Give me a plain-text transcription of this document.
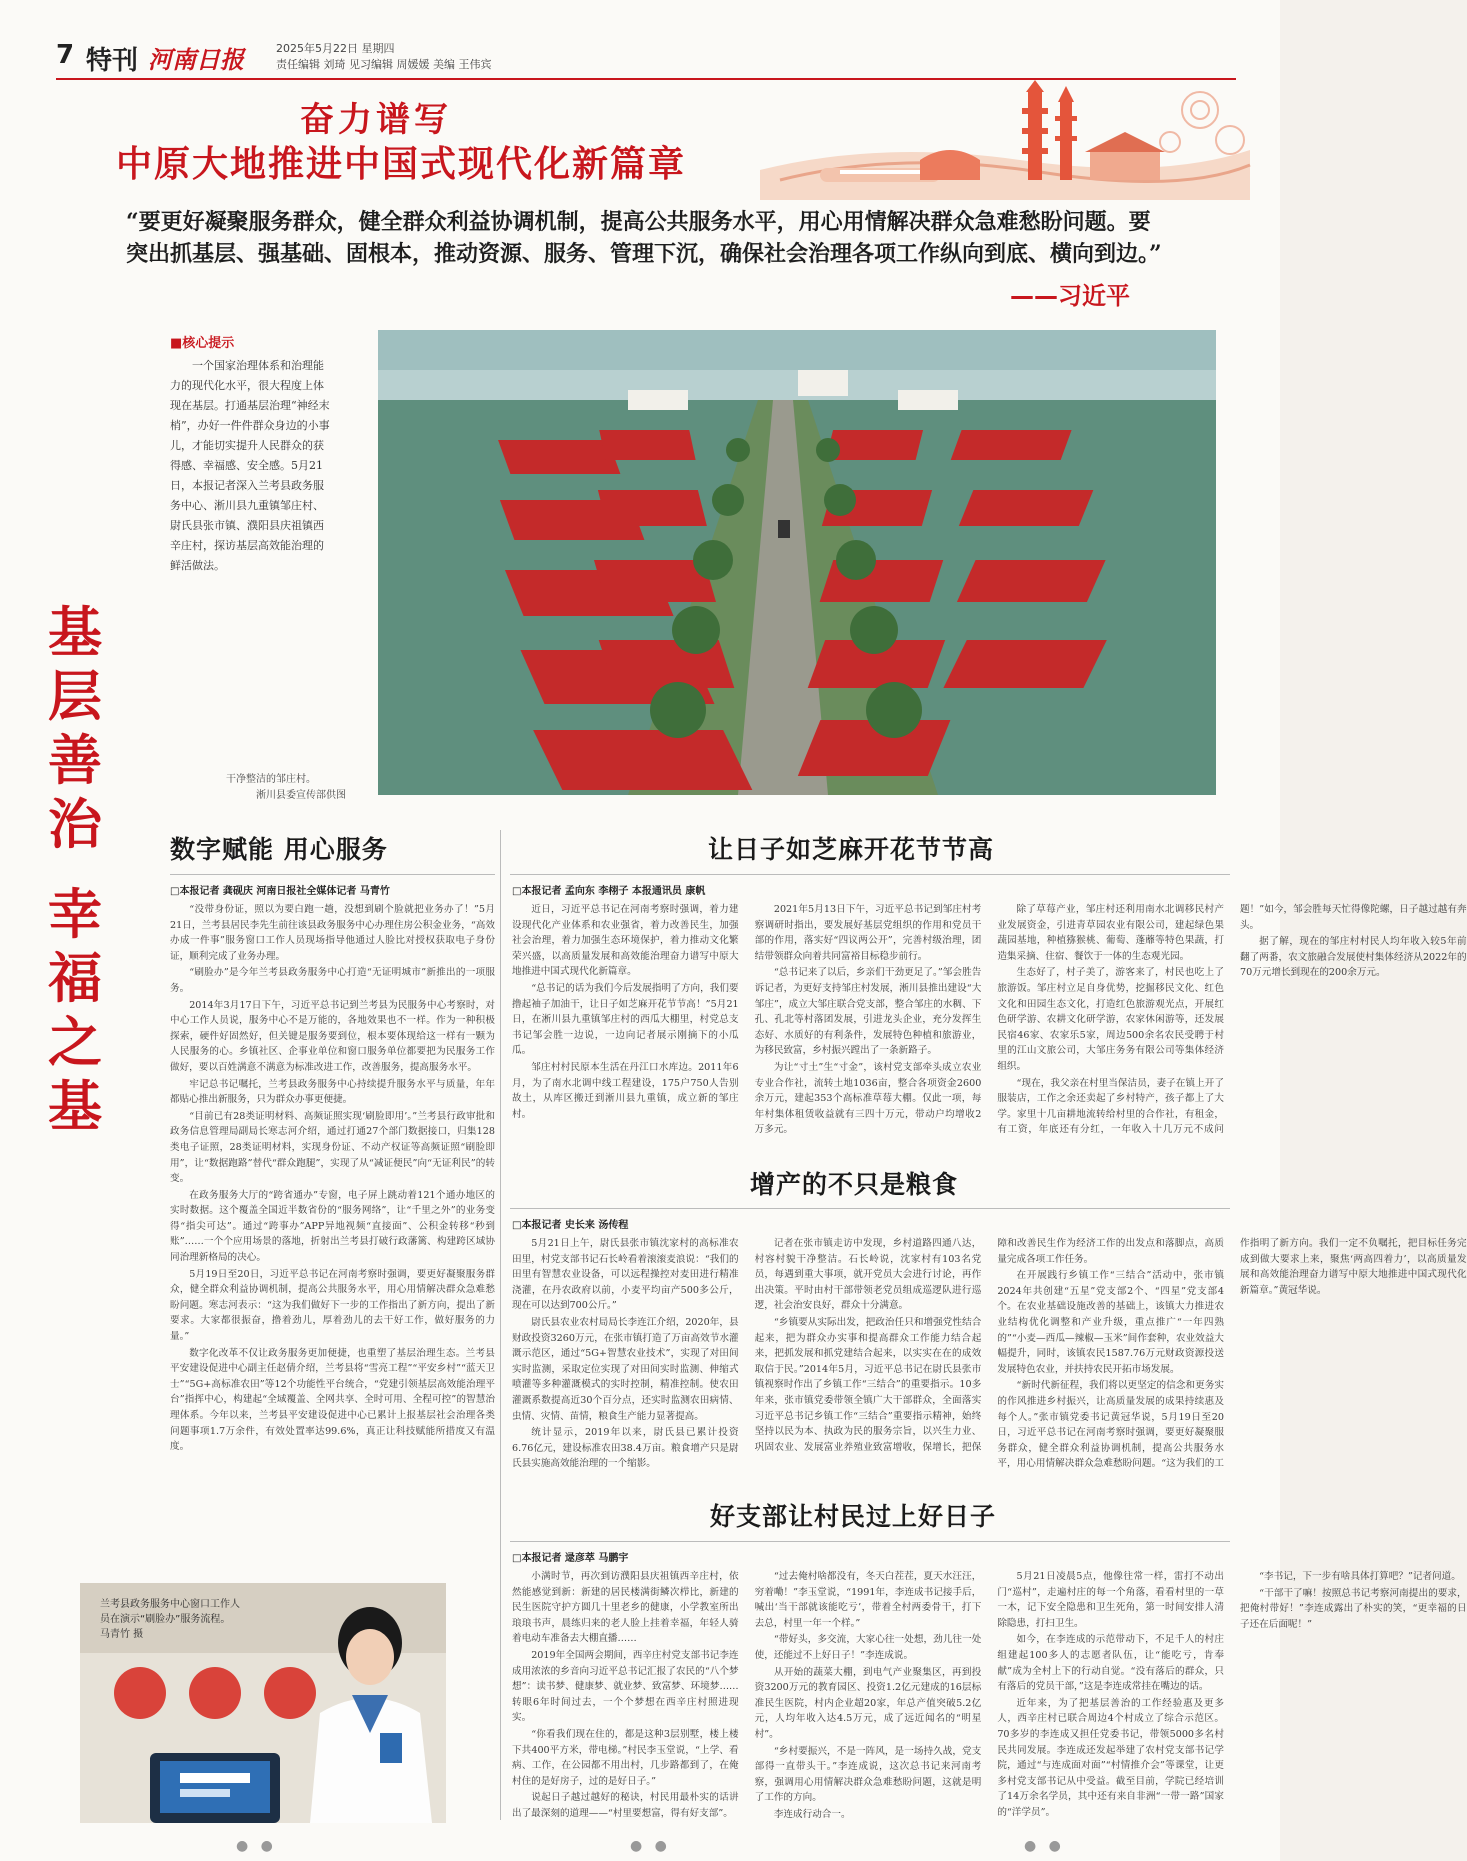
7 特刊 河南日报	2025年5月22日 星期四
责任编辑 刘琦 见习编辑 周媛媛 美编 王伟宾
奋力谱写
中原大地推进中国式现代化新篇章
“要更好凝聚服务群众，健全群众利益协调机制，提高公共服务水平，用心用情解决群众急难愁盼问题。要突出抓基层、强基础、固根本，推动资源、服务、管理下沉，确保社会治理各项工作纵向到底、横向到边。”
——习近平
基
层
善
治
幸
福
之
基
■核心提示
一个国家治理体系和治理能力的现代化水平，很大程度上体现在基层。打通基层治理“神经末梢”，办好一件件群众身边的小事儿，才能切实提升人民群众的获得感、幸福感、安全感。5月21日，本报记者深入兰考县政务服务中心、淅川县九重镇邹庄村、尉氏县张市镇、濮阳县庆祖镇西辛庄村，探访基层高效能治理的鲜活做法。
干净整洁的邹庄村。
淅川县委宣传部供图
数字赋能 用心服务
□本报记者 龚砚庆 河南日报社全媒体记者 马青竹

“没带身份证，照以为要白跑一趟，没想到刷个脸就把业务办了！”5月21日，兰考县居民李先生前往该县政务服务中心办理住房公积金业务，“高效办成一件事”服务窗口工作人员现场指导他通过人脸比对授权获取电子身份证，顺利完成了业务办理。

“刷脸办”是今年兰考县政务服务中心打造“无证明城市”新推出的一项服务。

2014年3月17日下午，习近平总书记到兰考县为民服务中心考察时，对中心工作人员说，服务中心不是万能的，各地效果也不一样。作为一种积极探索，硬件好固然好，但关键是服务要到位，根本要体现给这一样有一颗为人民服务的心。乡镇社区、企事业单位和窗口服务单位都要把为民服务工作做好，要以百姓满意不满意为标准改进工作，改善服务，提高服务水平。

牢记总书记嘱托，兰考县政务服务中心持续提升服务水平与质量，年年都贴心推出新服务，只为群众办事更便捷。

“目前已有28类证明材料、高频证照实现‘刷脸即用’。”兰考县行政审批和政务信息管理局副局长寒志河介绍，通过打通27个部门数据接口，归集128类电子证照，28类证明材料，实现身份证、不动产权证等高频证照“刷脸即用”，让“数据跑路”替代“群众跑腿”，实现了从“减证便民”向“无证利民”的转变。

在政务服务大厅的“跨省通办”专窗，电子屏上跳动着121个通办地区的实时数据。这个覆盖全国近半数省份的“服务网络”，让“千里之外”的业务变得“指尖可达”。通过“跨事办”APP异地视频“直接面”、公积金转移“秒到账”……一个个应用场景的落地，折射出兰考县打破行政藩篱、构建跨区域协同治理新格局的决心。

5月19日至20日，习近平总书记在河南考察时强调，要更好凝聚服务群众，健全群众利益协调机制，提高公共服务水平，用心用情解决群众急难愁盼问题。寒志河表示：“这为我们做好下一步的工作指出了新方向，提出了新要求。大家都很振奋，撸着劲儿，厚着劲儿的去干好工作，做好服务的力量。”

数字化改革不仅让政务服务更加便捷，也重塑了基层治理生态。兰考县平安建设促进中心副主任赵倩介绍，兰考县将“雪亮工程”“平安乡村”“蓝天卫士”“5G+高标准农田”等12个功能性平台统合，“党建引领基层高效能治理平台”指挥中心，构建起“全域覆盖、全网共享、全时可用、全程可控”的智慧治理体系。今年以来，兰考县平安建设促进中心已累计上报基层社会治理各类问题事项1.7万余件，有效处置率达99.6%，真正让科技赋能所措度又有温度。

让日子如芝麻开花节节高
□本报记者 孟向东 李栩子 本报通讯员 康帆

近日，习近平总书记在河南考察时强调，着力建设现代化产业体系和农业强省，着力改善民生，加强社会治理，着力加强生态环境保护，着力推动文化繁荣兴盛，以高质量发展和高效能治理奋力谱写中原大地推进中国式现代化新篇章。

“总书记的话为我们今后发展指明了方向，我们要撸起袖子加油干，让日子如芝麻开花节节高！”5月21日，在淅川县九重镇邹庄村的西瓜大棚里，村党总支书记邹会胜一边说，一边向记者展示刚摘下的小瓜瓜。

邹庄村村民原本生活在丹江口水库边。2011年6月，为了南水北调中线工程建设，175户750人告别故土，从库区搬迁到淅川县九重镇，成立新的邹庄村。

2021年5月13日下午，习近平总书记到邹庄村考察调研时指出，要发展好基层党组织的作用和党员干部的作用，落实好“四议两公开”，完善村级治理，团结带领群众向着共同富裕目标稳步前行。

“总书记来了以后，乡亲们干劲更足了。”邹会胜告诉记者，为更好支持邹庄村发展，淅川县推出建设“大邹庄”，成立大邹庄联合党支部，整合邹庄的水稠、下孔、孔北等村落团发展，引进龙头企业，充分发挥生态好、水质好的有利条件，发展特色种植和旅游业，为移民致富，乡村振兴蹚出了一条新路子。

为让“寸土”生“寸金”，该村党支部牵头成立农业专业合作社，流转土地1036亩，整合各项资金2600余万元，建起353个高标准草莓大棚。仅此一项，每年村集体租赁收益就有三四十万元，带动户均增收2万多元。

除了草莓产业，邹庄村还利用南水北调移民村产业发展资金，引进青草园农业有限公司，建起绿色果蔬园基地，种植猕猴桃、葡萄、蓬蘼等特色果蔬，打造集采摘、住宿、餐饮于一体的生态观光园。

生态好了，村子美了，游客来了，村民也吃上了旅游饭。邹庄村立足自身优势，挖掘移民文化、红色文化和田园生态文化，打造红色旅游观光点，开展红色研学游、农耕文化研学游，农家休闲游等，还发展民宿46家、农家乐5家，周边500余名农民受聘于村里的江山文旅公司，大邹庄务务有限公司等集体经济组织。

“现在，我父亲在村里当保洁员，妻子在镇上开了服装店，工作之余还卖起了乡村特产，孩子都上了大学。家里十几亩耕地流转给村里的合作社，有租金，有工资，年底还有分红，一年收入十几万元不成问题！”如今，邹会胜每天忙得像陀螺，日子越过越有奔头。

据了解，现在的邹庄村村民人均年收入较5年前翻了两番，农文旅融合发展使村集体经济从2022年的70万元增长到现在的200余万元。

增产的不只是粮食
□本报记者 史长来 汤传程

5月21日上午，尉氏县张市镇沈家村的高标准农田里，村党支部书记石长岭看着滚滚麦浪说：“我们的田里有智慧农业设备，可以远程操控对麦田进行精准浇灌，在丹农政府以前，小麦平均亩产500多公斤，现在可以达到700公斤。”

尉氏县农业农村局局长李连江介绍，2020年，县财政投资3260万元，在张市镇打造了万亩高效节水灌溉示范区，通过“5G+智慧农业技术”，实现了对田间实时监测，采取定位实现了对田间实时监测、伸缩式喷灌等多种灌溉模式的实时控制，精准控制。使农田灌溉系数提高近30个百分点，还实时监测农田病情、虫情、灾情、苗情，粮食生产能力显著提高。

统计显示，2019年以来，尉氏县已累计投资6.76亿元，建设标准农田38.4万亩。粮食增产只是尉氏县实施高效能治理的一个缩影。

记者在张市镇走访中发现，乡村道路四通八达，村容村貌干净整洁。石长岭说，沈家村有103名党员，每遇到重大事项，就开党员大会进行讨论，再作出决策。平时由村干部带领老党员组成巡逻队进行巡逻，社会治安良好，群众十分满意。

“乡镇要从实际出发，把政治任只和增强党性结合起来，把为群众办实事和提高群众工作能力结合起来，把抓发展和抓党建结合起来，以实实在在的成效取信于民。”2014年5月，习近平总书记在尉氏县张市镇视察时作出了乡镇工作“三结合”的重要指示。10多年来，张市镇党委带领全镇广大干部群众，全面落实习近平总书记乡镇工作“三结合”重要指示精神，始终坚持以民为本、执政为民的服务宗旨，以兴生力业、巩固农业、发展富业养殖业致富增收，保增长，把保障和改善民生作为经济工作的出发点和落脚点，高质量完成各项工作任务。

在开展践行乡镇工作“三结合”活动中，张市镇2024年共创建“五星”党支部2个、“四星”党支部4个。在农业基础设施改善的基础上，该镇大力推进农业结构优化调整和产业升级，重点推广“一年四熟的”“小麦—西瓜—辣椒—玉米”间作套种，农业效益大幅提升，同时，该镇农民1587.76万元财政资源投送发展特色农业，并扶持农民开拓市场发展。

“新时代新征程，我们将以更坚定的信念和更务实的作风推进乡村振兴，让高质量发展的成果持续惠及每个人。”张市镇党委书记黄冠华说，5月19日至20日，习近平总书记在河南考察时强调，要更好凝聚服务群众，健全群众利益协调机制，提高公共服务水平，用心用情解决群众急难愁盼问题。“这为我们的工作指明了新方向。我们一定不负嘱托，把目标任务完成到做大要求上来，聚焦‘两高四着力’，以高质量发展和高效能治理奋力谱写中原大地推进中国式现代化新篇章。”黄冠华说。

好支部让村民过上好日子
□本报记者 逯彦萃 马鹏宇

小满时节，再次到访濮阳县庆祖镇西辛庄村，依然能感觉到新：新建的居民楼满街鳞次栉比，新建的民生医院守护方圆几十里老乡的健康，小学教室所出琅琅书声，晨练归来的老人脸上挂着幸福，年轻人骑着电动车准备去大棚直播……

2019年全国两会期间，西辛庄村党支部书记李连成用浓浓的乡音向习近平总书记汇报了农民的“八个梦想”：读书梦、健康梦、就业梦、致富梦、环境梦……转眼6年时间过去，一个个梦想在西辛庄村照进现实。

“你看我们现在住的，都是这种3层别墅，楼上楼下共400平方米，带电梯。”村民李玉堂说，“上学、看病、工作，在公园都不用出村，几步路都到了，在俺村住的是好房子，过的是好日子。”

说起日子越过越好的秘诀，村民用最朴实的话讲出了最深刻的道理——“村里要想富，得有好支部”。

“过去俺村啥都没有，冬天白茬茬，夏天水汪汪，穷着嘞！”李玉堂说，“1991年，李连成书记接手后，喊出‘当干部就该能吃亏’，带着全村两委骨干，打下去总，村里一年一个样。”

“带好头，多交流，大家心往一处想，劲儿往一处使，还能过不上好日子！”李连成说。

从开始的蔬菜大棚，到电气产业聚集区，再到投资3200万元的教育园区、投资1.2亿元建成的16层标准民生医院，村内企业超20家，年总产值突破5.2亿元，人均年收入达4.5万元，成了远近闻名的“明星村”。

“乡村要振兴，不是一阵风，是一场持久战，党支部得一直带头干。”李连成说，这次总书记来河南考察，强调用心用情解决群众急难愁盼问题，这就是明了工作的方向。

李连成行动合一。

5月21日凌晨5点，他像往常一样，雷打不动出门“巡村”，走遍村庄的每一个角落，看看村里的一草一木，记下安全隐患和卫生死角，第一时间安排人清除隐患，打扫卫生。

如今，在李连成的示范带动下，不足千人的村庄组建起100多人的志愿者队伍，让“能吃亏，肯奉献”成为全村上下的行动自觉。“没有落后的群众，只有落后的党员干部，”这是李连成常挂在嘴边的话。

近年来，为了把基层善治的工作经验惠及更多人，西辛庄村已联合周边4个村成立了综合示范区。70多岁的李连成又担任党委书记，带领5000多名村民共同发展。李连成还发起举建了农村党支部书记学院，通过“与连成面对面”“村情推介会”等课堂，让更多村党支部书记从中受益。截至目前，学院已经培训了14万余名学员，其中还有来自非洲“一带一路”国家的“洋学员”。

“李书记，下一步有啥具体打算吧？”记者问道。

“干部干了嘛！按照总书记考察河南提出的要求，把俺村带好！”李连成露出了朴实的笑，“更幸福的日子还在后面呢！”

兰考县政务服务中心窗口工作人员在演示“刷脸办”服务流程。 马青竹 摄
● ●	● ●	● ●
